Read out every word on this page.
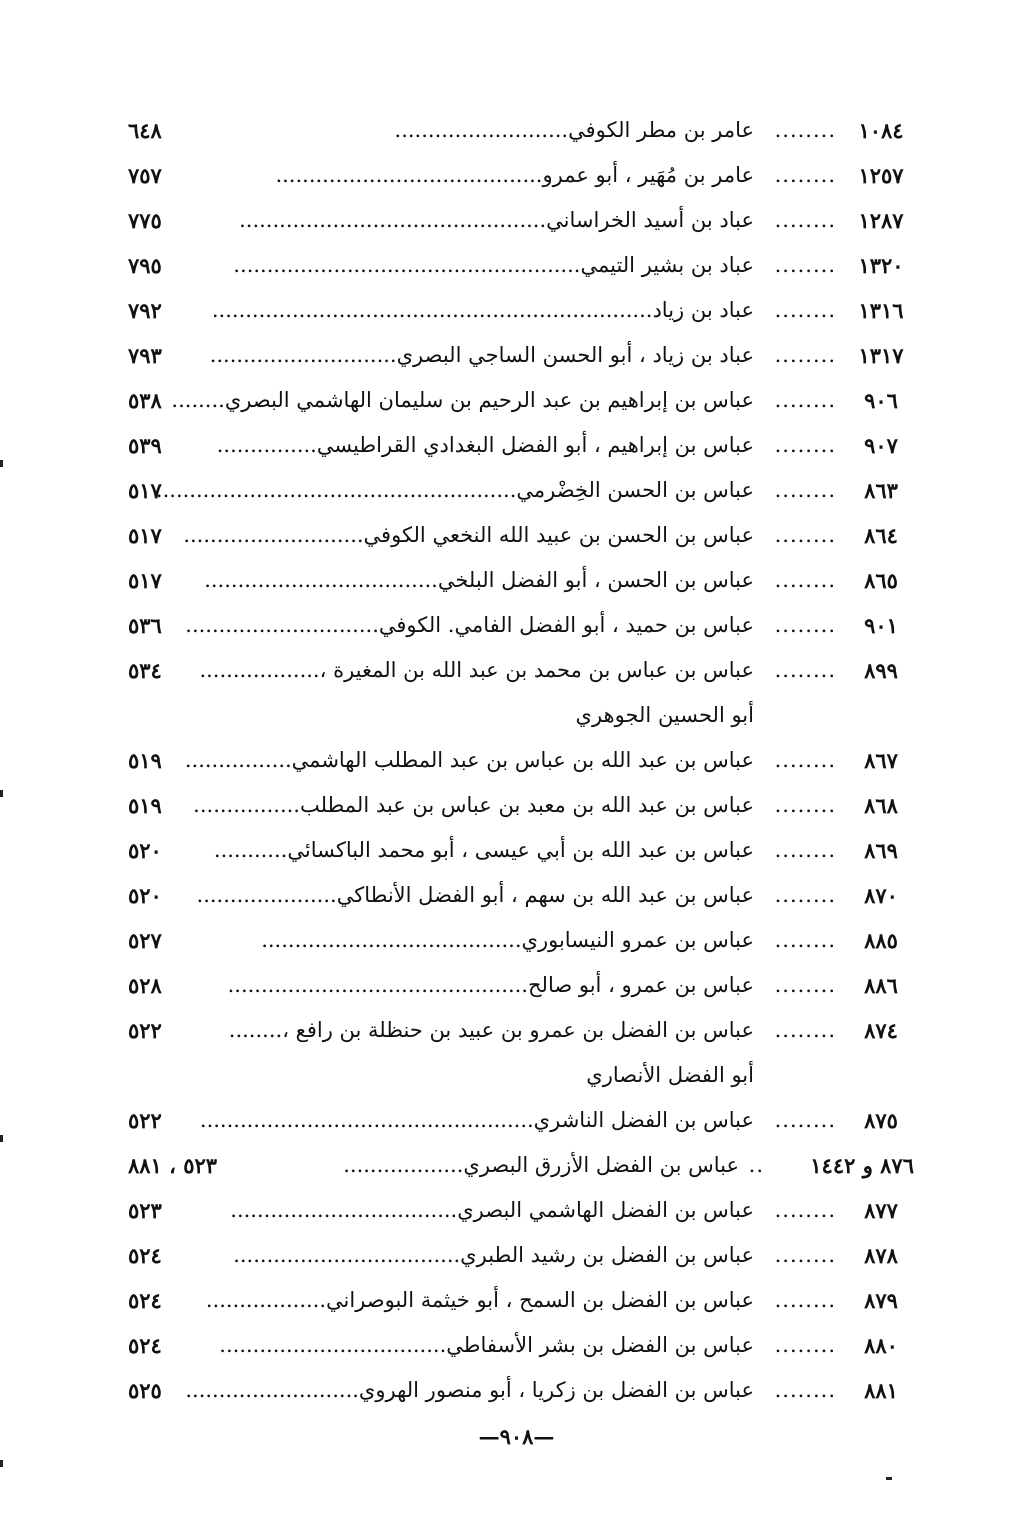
١٠٨٤
........
عامر بن مطر الكوفي..........................
٦٤٨
١٢٥٧
........
عامر بن مُهَير ، أبو عمرو........................................
٧٥٧
١٢٨٧
........
عباد بن أسيد الخراساني..............................................
٧٧٥
١٣٢٠
........
عباد بن بشير التيمي....................................................
٧٩٥
١٣١٦
........
عباد بن زياد..................................................................
٧٩٢
١٣١٧
........
عباد بن زياد ، أبو الحسن الساجي البصري............................
٧٩٣
٩٠٦
........
عباس بن إبراهيم بن عبد الرحيم بن سليمان الهاشمي البصري........
٥٣٨
٩٠٧
........
عباس بن إبراهيم ، أبو الفضل البغدادي القراطيسي...............
٥٣٩
٨٦٣
........
عباس بن الحسن الخِضْرمي......................................................
٥١٧
٨٦٤
........
عباس بن الحسن بن عبيد الله النخعي الكوفي...........................
٥١٧
٨٦٥
........
عباس بن الحسن ، أبو الفضل البلخي...................................
٥١٧
٩٠١
........
عباس بن حميد ، أبو الفضل الفامي. الكوفي.............................
٥٣٦
٨٩٩
........
عباس بن عباس بن محمد بن عبد الله بن المغيرة ،..................
٥٣٤
أبو الحسين الجوهري
٨٦٧
........
عباس بن عبد الله بن عباس بن عبد المطلب الهاشمي................
٥١٩
٨٦٨
........
عباس بن عبد الله بن معبد بن عباس بن عبد المطلب................
٥١٩
٨٦٩
........
عباس بن عبد الله بن أبي عيسى ، أبو محمد الباكسائي...........
٥٢٠
٨٧٠
........
عباس بن عبد الله بن سهم ، أبو الفضل الأنطاكي.....................
٥٢٠
٨٨٥
........
عباس بن عمرو النيسابوري.......................................
٥٢٧
٨٨٦
........
عباس بن عمرو ، أبو صالح.............................................
٥٢٨
٨٧٤
........
عباس بن الفضل بن عمرو بن عبيد بن حنظلة بن رافع ،........
٥٢٢
أبو الفضل الأنصاري
٨٧٥
........
عباس بن الفضل الناشري..................................................
٥٢٢
٨٧٦ و ١٤٤٢
..
عباس بن الفضل الأزرق البصري..................
٥٢٣ ، ٨٨١
٨٧٧
........
عباس بن الفضل الهاشمي البصري..................................
٥٢٣
٨٧٨
........
عباس بن الفضل بن رشيد الطبري..................................
٥٢٤
٨٧٩
........
عباس بن الفضل بن السمح ، أبو خيثمة البوصراني..................
٥٢٤
٨٨٠
........
عباس بن الفضل بن بشر الأسفاطي..................................
٥٢٤
٨٨١
........
عباس بن الفضل بن زكريا ، أبو منصور الهروي..........................
٥٢٥
—٩٠٨—
